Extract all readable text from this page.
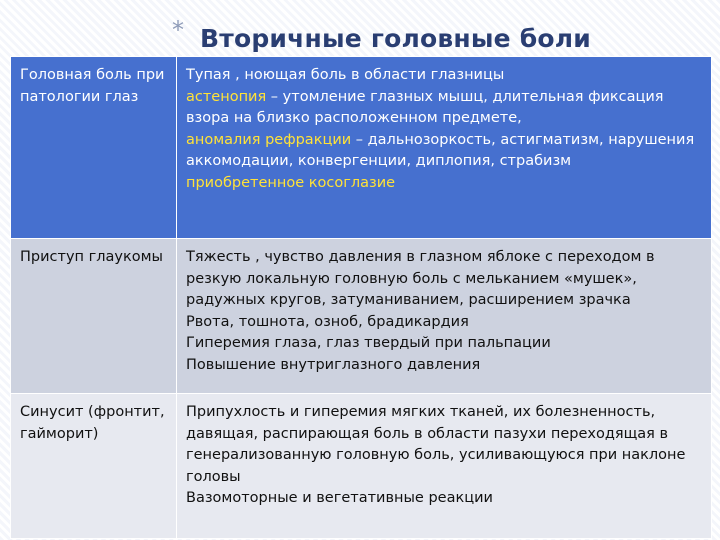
* Вторичные головные боли
Головная боль при патологии глаз	Тупая , ноющая боль в области глазницы
астенопия – утомление глазных мышц, длительная фиксация взора на близко расположенном предмете,
аномалия рефракции – дальнозоркость, астигматизм, нарушения аккомодации, конвергенции, диплопия, страбизм
приобретенное косоглазие

Приступ глаукомы	Тяжесть , чувство давления в глазном яблоке с переходом в резкую локальную головную боль с мельканием «мушек», радужных кругов, затуманиванием, расширением зрачка
Рвота, тошнота, озноб, брадикардия
Гиперемия глаза, глаз твердый при пальпации
Повышение внутриглазного давления

Синусит (фронтит, гайморит)	Припухлость и гиперемия мягких тканей, их болезненность, давящая, распирающая боль в области пазухи переходящая в генерализованную головную боль, усиливающуюся при наклоне головы
Вазомоторные и вегетативные реакции
